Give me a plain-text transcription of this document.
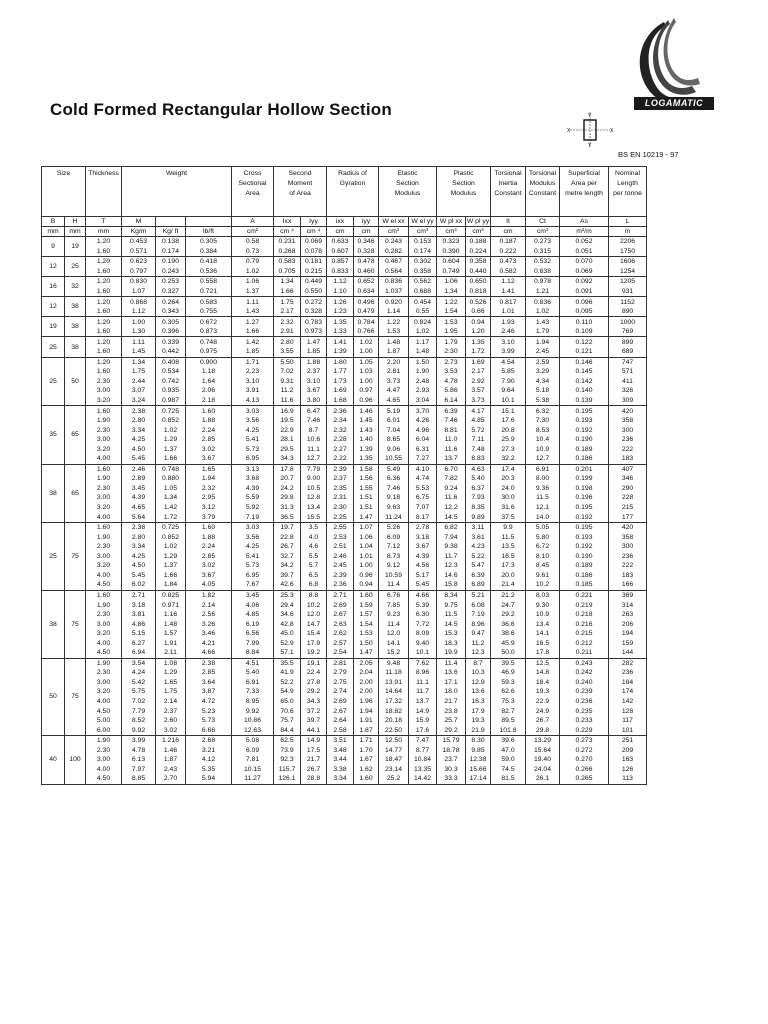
Cold Formed Rectangular Hollow Section	LOGAMATIC
Y
X	X
Y
BS EN 10219 - 97
Size		Thickness	Weight			Cross
Sectional
Area	Second
Moment
of Area		Radius of
Gyration		Elastic
Section
Modulus		Plastic
Section
Modulus		Torsional
Inertia
Constant	Torsional
Modulus
Constant	Superficial
Area per
metre length	Nominal
Length
per tonne
B	H	T	M			A	Ixx	Iyy	ixx	iyy	W el xx	W el yy	W pl xx	W pl yy	It	Ct	As	L
mm	mm	mm	Kg/m	Kg/ ft	lb/ft	cm²	cm ⁴	cm ⁴	cm	cm	cm³	cm³	cm³	cm³	cm	cm³	m²/m	m
9	19	1.20	0.453	0.138	0.305	0.58	0.231	0.069	0.633	0.346	0.243	0.153	0.323	0.188	0.187	0.273	0.052	2206
		1.60	0.571	0.174	0.384	0.73	0.268	0.078	0.607	0.328	0.282	0.174	0.390	0.224	0.222	0.315	0.051	1750
12	25	1.20	0.623	0.190	0.418	0.79	0.583	0.181	0.857	0.478	0.467	0.302	0.604	0.358	0.473	0.532	0.070	1606
		1.60	0.797	0.243	0.536	1.02	0.705	0.215	0.833	0.460	0.564	0.358	0.749	0.440	0.582	0.638	0.069	1254
16	32	1.20	0.830	0.253	0.558	1.06	1.34	0.449	1.12	0.652	0.836	0.562	1.06	0.650	1.12	0.978	0.092	1205
		1.60	1.07	0.327	0.721	1.37	1.66	0.550	1.10	0.634	1.037	0.688	1.34	0.818	1.41	1.21	0.091	931
12	38	1.20	0.868	0.264	0.583	1.11	1.75	0.272	1.26	0.496	0.920	0.454	1.22	0.526	0.817	0.836	0.096	1152
		1.60	1.12	0.343	0.755	1.43	2.17	0.328	1.23	0.479	1.14	0.55	1.54	0.66	1.01	1.02	0.095	890
19	38	1.20	1.00	0.305	0.672	1.27	2.32	0.783	1.35	0.784	1.22	0.824	1.53	0.94	1.93	1.43	0.110	1000
		1.60	1.30	0.396	0.873	1.66	2.91	0.973	1.33	0.766	1.53	1.02	1.95	1.20	2.46	1.79	0.109	769
25	38	1.20	1.11	0.339	0.748	1.42	2.80	1.47	1.41	1.02	1.48	1.17	1.79	1.35	3.10	1.94	0.122	899
		1.60	1.45	0.442	0.975	1.85	3.55	1.85	1.39	1.00	1.87	1.48	2.30	1.72	3.99	2.45	0.121	689
25	50	1.20	1.34	0.408	0.900	1.71	5.50	1.88	1.80	1.05	2.20	1.50	2.73	1.69	4.54	2.59	0.146	747
		1.60	1.75	0.534	1.18	2.23	7.02	2.37	1.77	1.03	2.81	1.90	3.53	2.17	5.85	3.29	0.145	571
		2.30	2.44	0.742	1.64	3.10	9.31	3.10	1.73	1.00	3.73	2.48	4.78	2.92	7.90	4.34	0.142	411
		3.00	3.07	0.935	2.06	3.91	11.2	3.67	1.69	0.97	4.47	2.93	5.86	3.57	9.64	5.18	0.140	326
		3.20	3.24	0.987	2.18	4.13	11.6	3.80	1.68	0.96	4.65	3.04	6.14	3.73	10.1	5.38	0.139	309
35	65	1.60	2.38	0.725	1.60	3.03	16.9	6.47	2.36	1.46	5.19	3.70	6.39	4.17	15.1	6.32	0.195	420
		1.90	2.80	0.852	1.88	3.56	19.5	7.46	2.34	1.45	6.01	4.26	7.46	4.85	17.6	7.30	0.193	358
		2.30	3.34	1.02	2.24	4.25	22.9	8.7	2.32	1.43	7.04	4.96	8.81	5.72	20.8	8.53	0.192	300
		3.00	4.25	1.29	2.85	5.41	28.1	10.6	2.28	1.40	8.65	6.04	11.0	7.11	25.9	10.4	0.190	236
		3.20	4.50	1.37	3.02	5.73	29.5	11.1	2.27	1.39	9.06	6.31	11.6	7.48	27.3	10.9	0.189	222
		4.00	5.45	1.66	3.67	6.95	34.3	12.7	2.22	1.35	10.55	7.27	13.7	8.83	32.2	12.7	0.186	183
38	65	1.60	2.46	0.748	1.65	3.13	17.8	7.79	2.39	1.58	5.49	4.10	6.70	4.63	17.4	6.91	0.201	407
		1.90	2.89	0.880	1.94	3.68	20.7	9.00	2.37	1.56	6.36	4.74	7.82	5.40	20.3	8.00	0.199	346
		2.30	3.45	1.05	2.32	4.39	24.2	10.5	2.35	1.55	7.46	5.53	9.24	6.37	24.0	9.36	0.198	290
		3.00	4.39	1.34	2.95	5.59	29.8	12.8	2.31	1.51	9.18	6.75	11.6	7.93	30.0	11.5	0.196	228
		3.20	4.65	1.42	3.12	5.92	31.3	13.4	2.30	1.51	9.63	7.07	12.2	8.35	31.6	12.1	0.195	215
		4.00	5.64	1.72	3.79	7.19	36.5	15.5	2.25	1.47	11.24	8.17	14.5	9.89	37.5	14.0	0.192	177
25	75	1.60	2.38	0.725	1.60	3.03	19.7	3.5	2.55	1.07	5.26	2.78	6.82	3.11	9.9	5.05	0.195	420
		1.90	2.80	0.852	1.88	3.56	22.8	4.0	2.53	1.06	6.09	3.18	7.94	3.61	11.5	5.80	0.193	358
		2.30	3.34	1.02	2.24	4.25	26.7	4.6	2.51	1.04	7.12	3.67	9.38	4.23	13.5	6.72	0.192	300
		3.00	4.25	1.29	2.85	5.41	32.7	5.5	2.46	1.01	8.73	4.39	11.7	5.22	16.5	8.10	0.190	236
		3.20	4.50	1.37	3.02	5.73	34.2	5.7	2.45	1.00	9.12	4.56	12.3	5.47	17.3	8.45	0.189	222
		4.00	5.45	1.66	3.67	6.95	39.7	6.5	2.39	0.96	10.59	5.17	14.6	6.39	20.0	9.61	0.186	183
		4.50	6.02	1.84	4.05	7.67	42.6	6.8	2.36	0.94	11.4	5.45	15.8	6.89	21.4	10.2	0.185	166
38	75	1.60	2.71	0.825	1.82	3.45	25.3	8.8	2.71	1.60	6.76	4.66	8.34	5.21	21.2	8.03	0.221	369
		1.90	3.18	0.971	2.14	4.06	29.4	10.2	2.69	1.59	7.85	5.39	9.75	6.08	24.7	9.30	0.219	314
		2.30	3.81	1.16	2.56	4.85	34.6	12.0	2.67	1.57	9.23	6.30	11.5	7.19	29.2	10.9	0.218	263
		3.00	4.86	1.48	3.26	6.19	42.8	14.7	2.63	1.54	11.4	7.72	14.5	8.96	36.6	13.4	0.216	206
		3.20	5.15	1.57	3.46	6.56	45.0	15.4	2.62	1.53	12.0	8.09	15.3	9.47	38.6	14.1	0.215	194
		4.00	6.27	1.91	4.21	7.99	52.9	17.9	2.57	1.50	14.1	9.40	18.3	11.2	45.9	16.5	0.212	159
		4.50	6.94	2.11	4.66	8.84	57.1	19.2	2.54	1.47	15.2	10.1	19.9	12.3	50.0	17.8	0.211	144
50	75	1.90	3.54	1.08	2.38	4.51	35.5	19.1	2.81	2.05	9.48	7.62	11.4	8.7	39.5	12.5	0.243	282
		2.30	4.24	1.29	2.85	5.40	41.9	22.4	2.79	2.04	11.18	8.96	13.6	10.3	46.9	14.8	0.242	236
		3.00	5.42	1.65	3.64	6.91	52.2	27.8	2.75	2.00	13.91	11.1	17.1	12.9	59.3	18.4	0.240	184
		3.20	5.75	1.75	3.87	7.33	54.9	29.2	2.74	2.00	14.64	11.7	18.0	13.6	62.6	19.3	0.239	174
		4.00	7.02	2.14	4.72	8.95	65.0	34.3	2.69	1.96	17.32	13.7	21.7	16.3	75.3	22.9	0.236	142
		4.50	7.79	2.37	5.23	9.92	70.6	37.2	2.67	1.94	18.82	14.9	23.8	17.9	82.7	24.9	0.235	128
		5.00	8.52	2.60	5.73	10.86	75.7	39.7	2.64	1.91	20.18	15.9	25.7	19.3	89.5	26.7	0.233	117
		6.00	9.92	3.02	6.66	12.63	84.4	44.1	2.58	1.87	22.50	17.6	29.2	21.9	101.8	29.8	0.229	101
40	100	1.90	3.99	1.216	2.68	5.08	62.5	14.9	3.51	1.71	12.50	7.47	15.79	8.30	39.6	13.29	0.273	251
		2.30	4.78	1.46	3.21	6.09	73.9	17.5	3.48	1.70	14.77	8.77	18.78	9.85	47.0	15.64	0.272	209
		3.00	6.13	1.87	4.12	7.81	92.3	21.7	3.44	1.67	18.47	10.84	23.7	12.38	59.0	19.40	0.270	163
		4.00	7.97	2.43	5.35	10.15	115.7	26.7	3.38	1.62	23.14	13.35	30.3	15.66	74.5	24.04	0.266	126
		4.50	8.85	2.70	5.94	11.27	126.1	28.8	3.34	1.60	25.2	14.42	33.3	17.14	81.5	26.1	0.265	113
